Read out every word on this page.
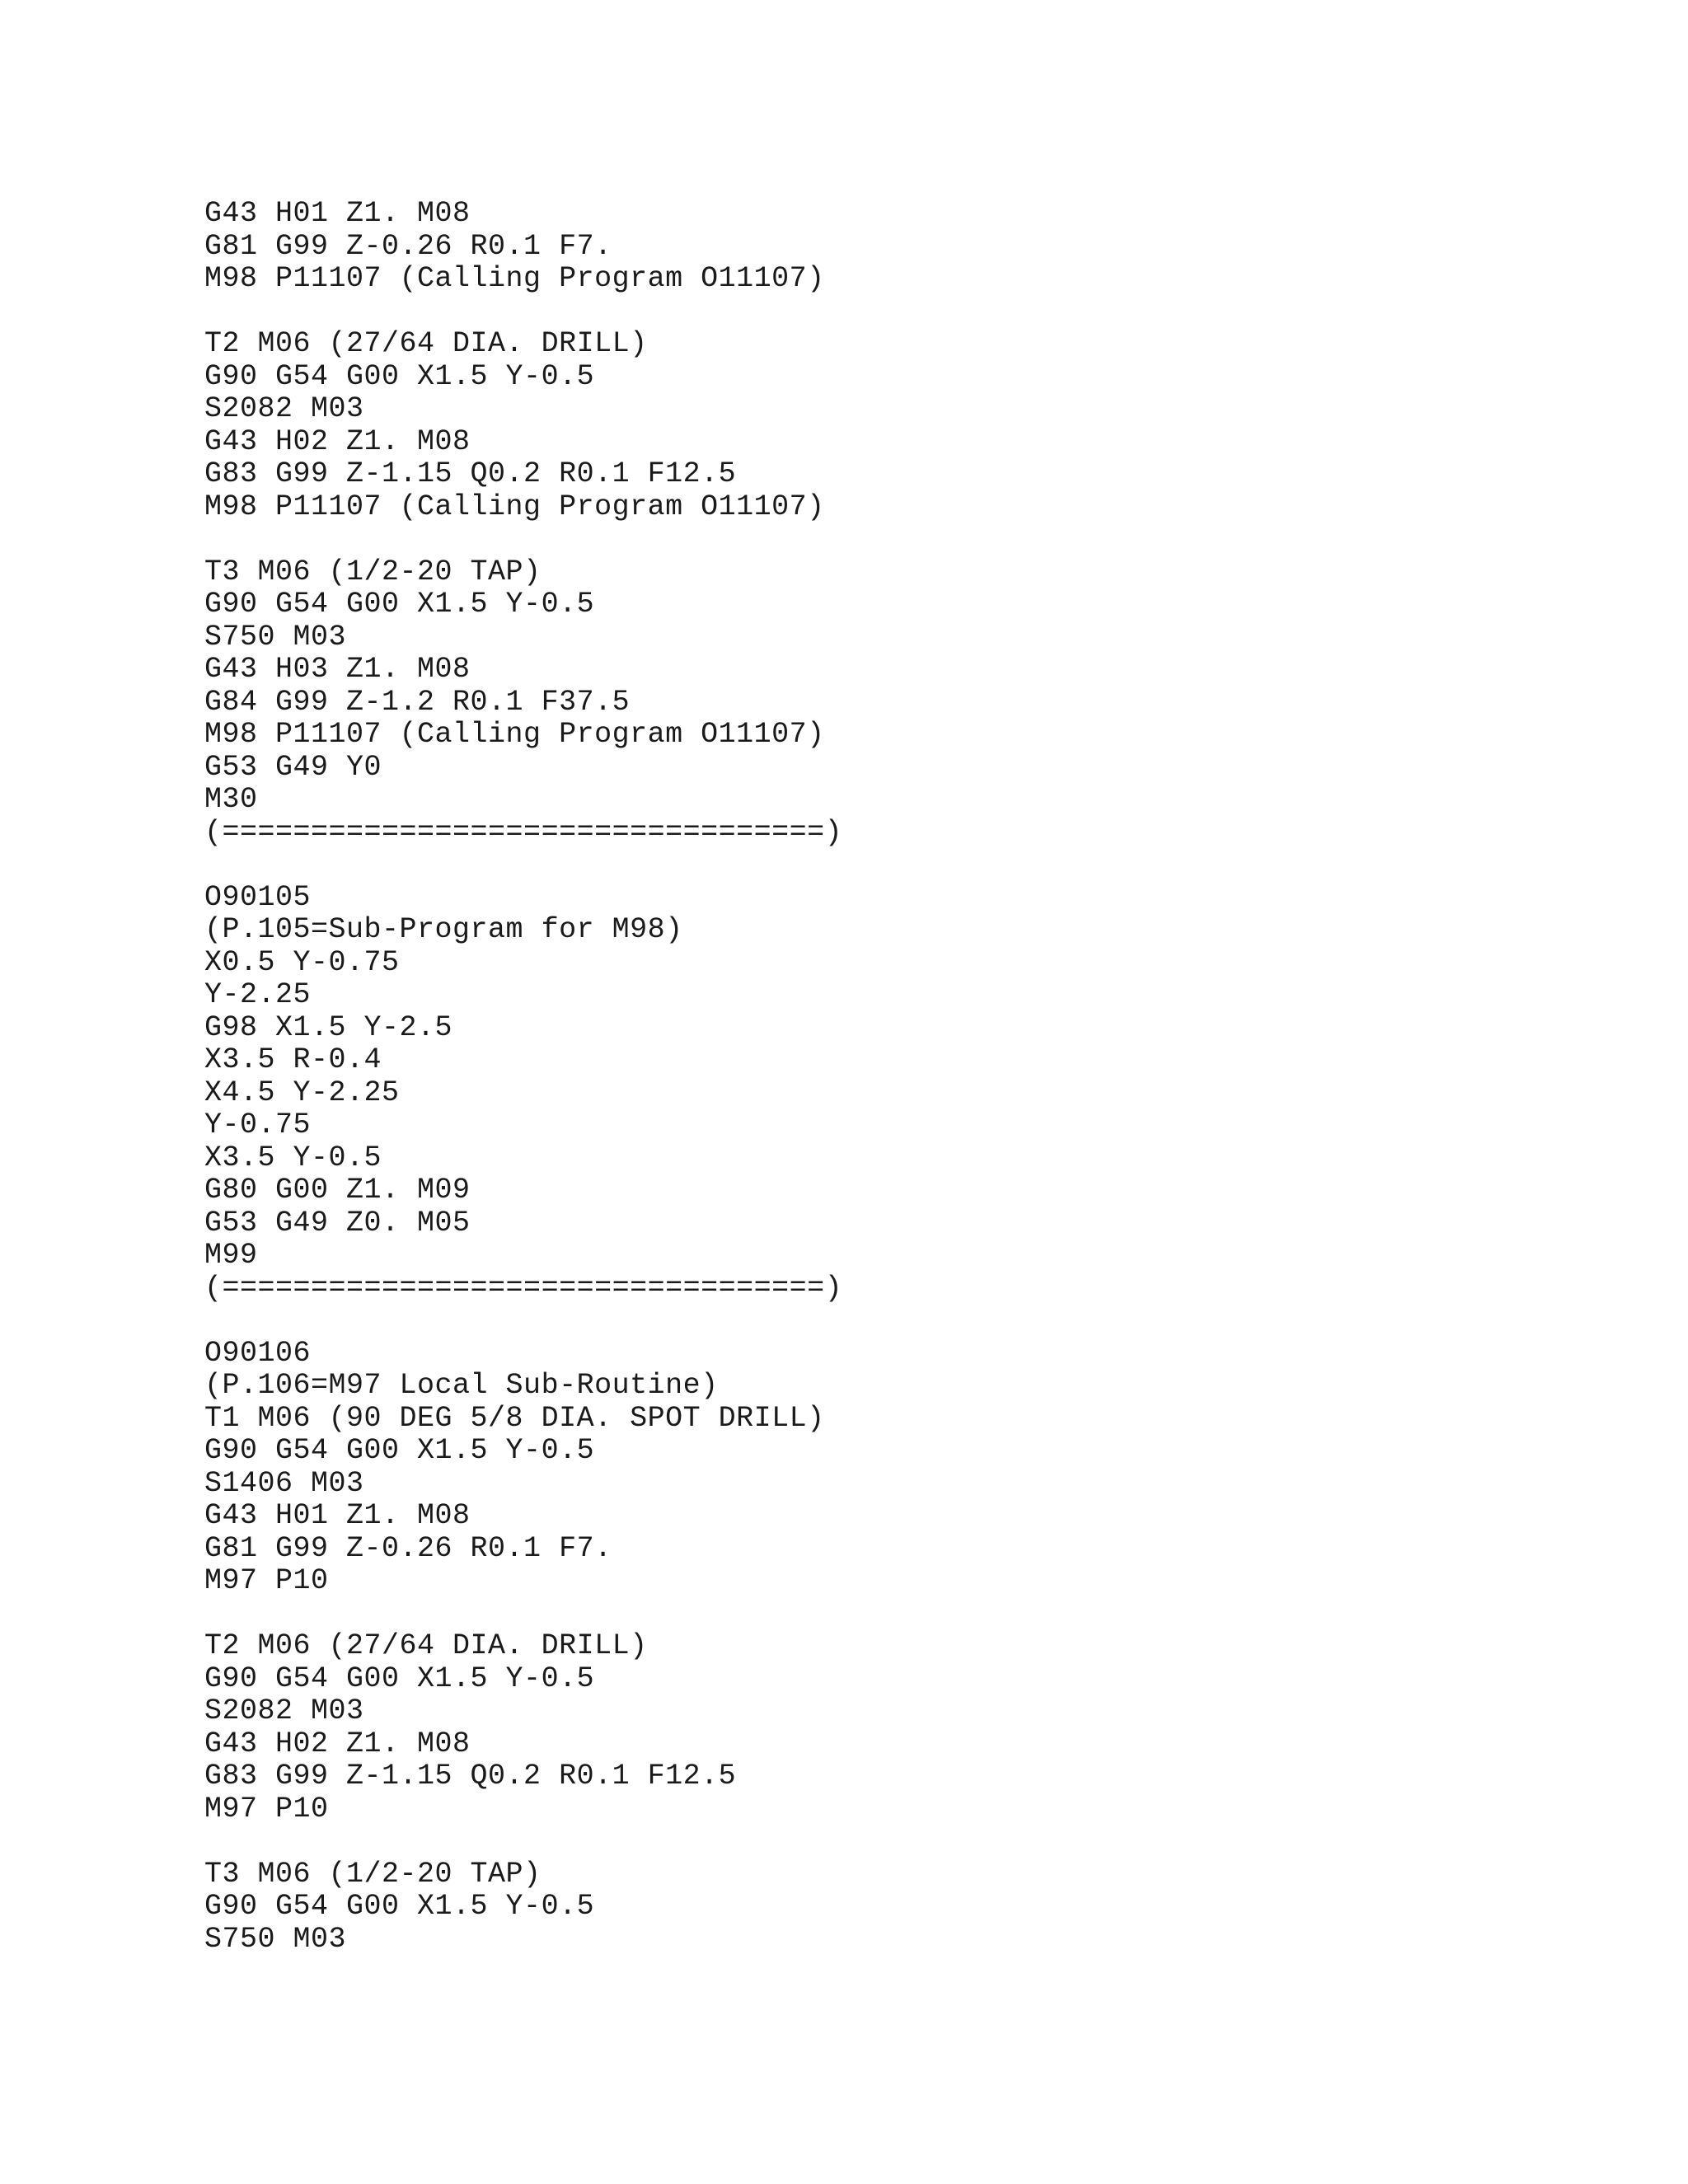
G43 H01 Z1. M08
G81 G99 Z-0.26 R0.1 F7.
M98 P11107 (Calling Program O11107)
T2 M06 (27/64 DIA. DRILL)
G90 G54 G00 X1.5 Y-0.5
S2082 M03
G43 H02 Z1. M08
G83 G99 Z-1.15 Q0.2 R0.1 F12.5
M98 P11107 (Calling Program O11107)
T3 M06 (1/2-20 TAP)
G90 G54 G00 X1.5 Y-0.5
S750 M03
G43 H03 Z1. M08
G84 G99 Z-1.2 R0.1 F37.5
M98 P11107 (Calling Program O11107)
G53 G49 Y0
M30
(==================================)
O90105
(P.105=Sub-Program for M98)
X0.5 Y-0.75
Y-2.25
G98 X1.5 Y-2.5
X3.5 R-0.4
X4.5 Y-2.25
Y-0.75
X3.5 Y-0.5
G80 G00 Z1. M09
G53 G49 Z0. M05
M99
(==================================)
O90106
(P.106=M97 Local Sub-Routine)
T1 M06 (90 DEG 5/8 DIA. SPOT DRILL)
G90 G54 G00 X1.5 Y-0.5
S1406 M03
G43 H01 Z1. M08
G81 G99 Z-0.26 R0.1 F7.
M97 P10
T2 M06 (27/64 DIA. DRILL)
G90 G54 G00 X1.5 Y-0.5
S2082 M03
G43 H02 Z1. M08
G83 G99 Z-1.15 Q0.2 R0.1 F12.5
M97 P10
T3 M06 (1/2-20 TAP)
G90 G54 G00 X1.5 Y-0.5
S750 M03
